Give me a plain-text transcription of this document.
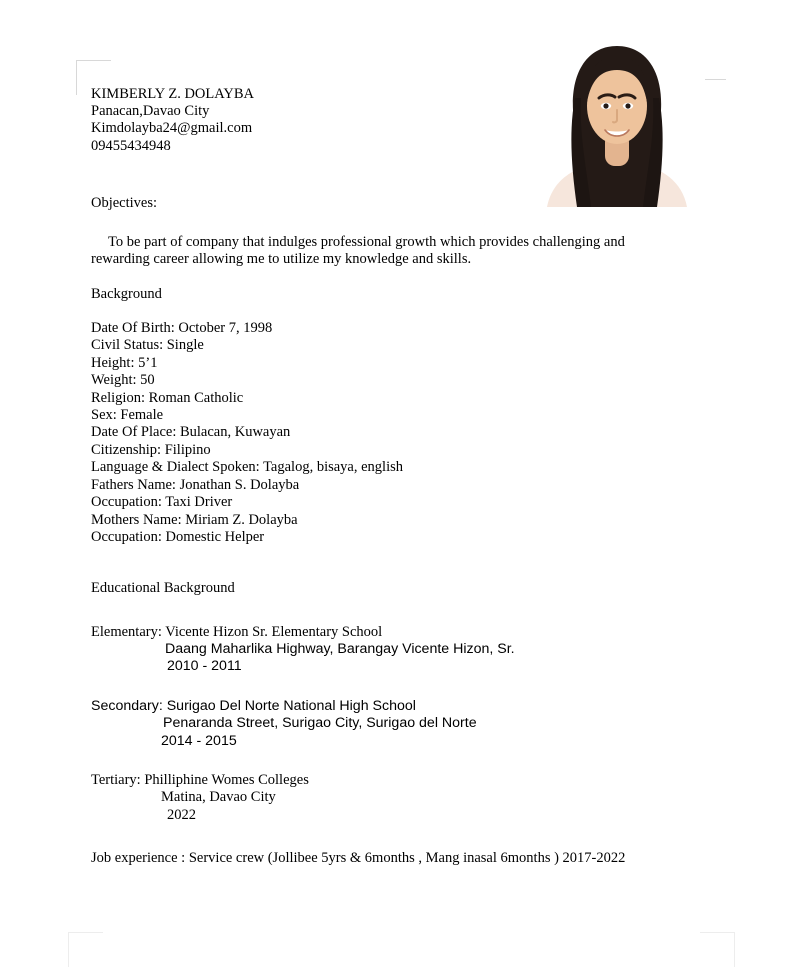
KIMBERLY Z. DOLAYBA
Panacan,Davao City
Kimdolayba24@gmail.com
09455434948
Objectives:

To be part of company that indulges professional growth which provides challenging and rewarding career allowing me to utilize my knowledge and skills.

Background
Date Of Birth: October 7, 1998
Civil Status: Single
Height: 5’1
Weight: 50
Religion: Roman Catholic
Sex: Female
Date Of Place: Bulacan, Kuwayan
Citizenship: Filipino
Language & Dialect Spoken: Tagalog, bisaya, english
Fathers Name: Jonathan S. Dolayba
Occupation: Taxi Driver
Mothers Name: Miriam Z. Dolayba
Occupation: Domestic Helper
Educational Background
Elementary: Vicente Hizon Sr. Elementary School
Daang Maharlika Highway, Barangay Vicente Hizon, Sr.
2010 - 2011
Secondary: Surigao Del Norte National High School
Penaranda Street, Surigao City, Surigao del Norte
2014 - 2015
Tertiary: Philliphine Womes Colleges
Matina, Davao City
2022
Job experience : Service crew (Jollibee 5yrs & 6months , Mang inasal 6months ) 2017-2022
